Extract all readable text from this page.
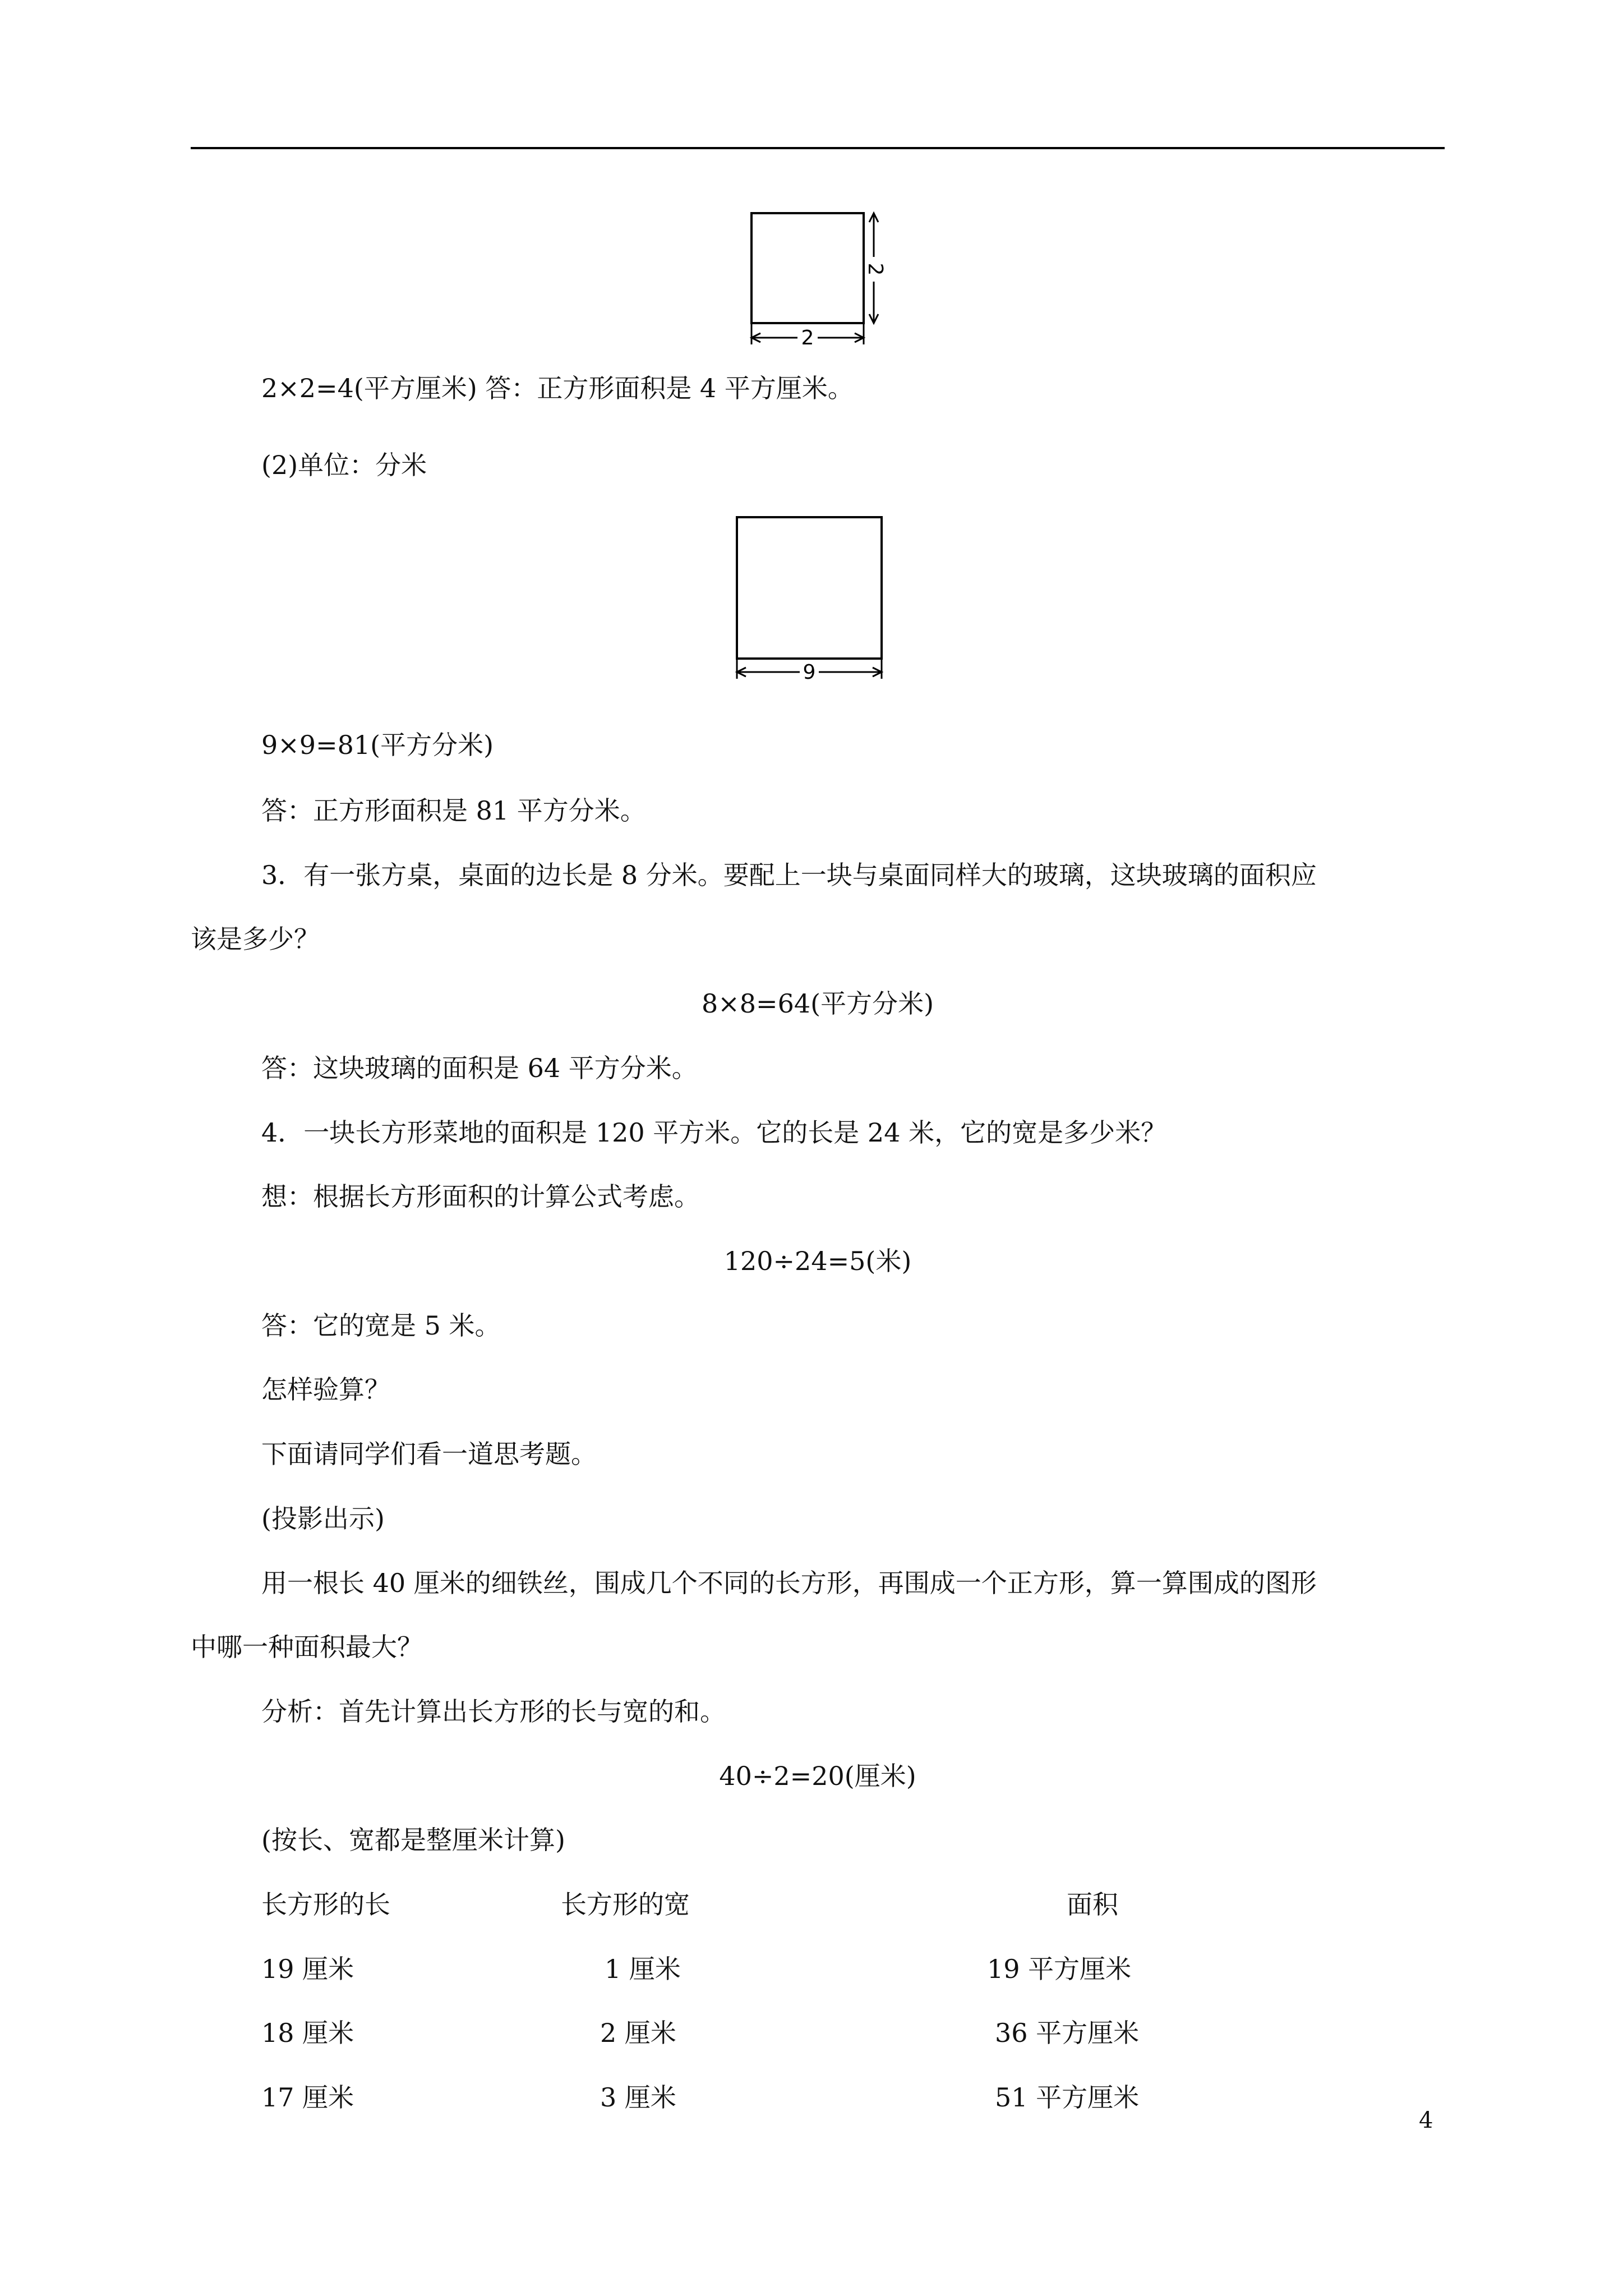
2
2
2×2=4(平方厘米) 答：正方形面积是 4 平方厘米。
(2)单位：分米
9
9×9=81(平方分米)
答：正方形面积是 81 平方分米。
3．有一张方桌，桌面的边长是 8 分米。要配上一块与桌面同样大的玻璃，这块玻璃的面积应
该是多少？
8×8=64(平方分米)
答：这块玻璃的面积是 64 平方分米。
4．一块长方形菜地的面积是 120 平方米。它的长是 24 米，它的宽是多少米？
想：根据长方形面积的计算公式考虑。
120÷24=5(米)
答：它的宽是 5 米。
怎样验算？
下面请同学们看一道思考题。
(投影出示)
用一根长 40 厘米的细铁丝，围成几个不同的长方形，再围成一个正方形，算一算围成的图形
中哪一种面积最大？
分析：首先计算出长方形的长与宽的和。
40÷2=20(厘米)
(按长、宽都是整厘米计算)
长方形的长	长方形的宽	面积
19 厘米	1 厘米	19 平方厘米
18 厘米	2 厘米	36 平方厘米
17 厘米	3 厘米	51 平方厘米
4
